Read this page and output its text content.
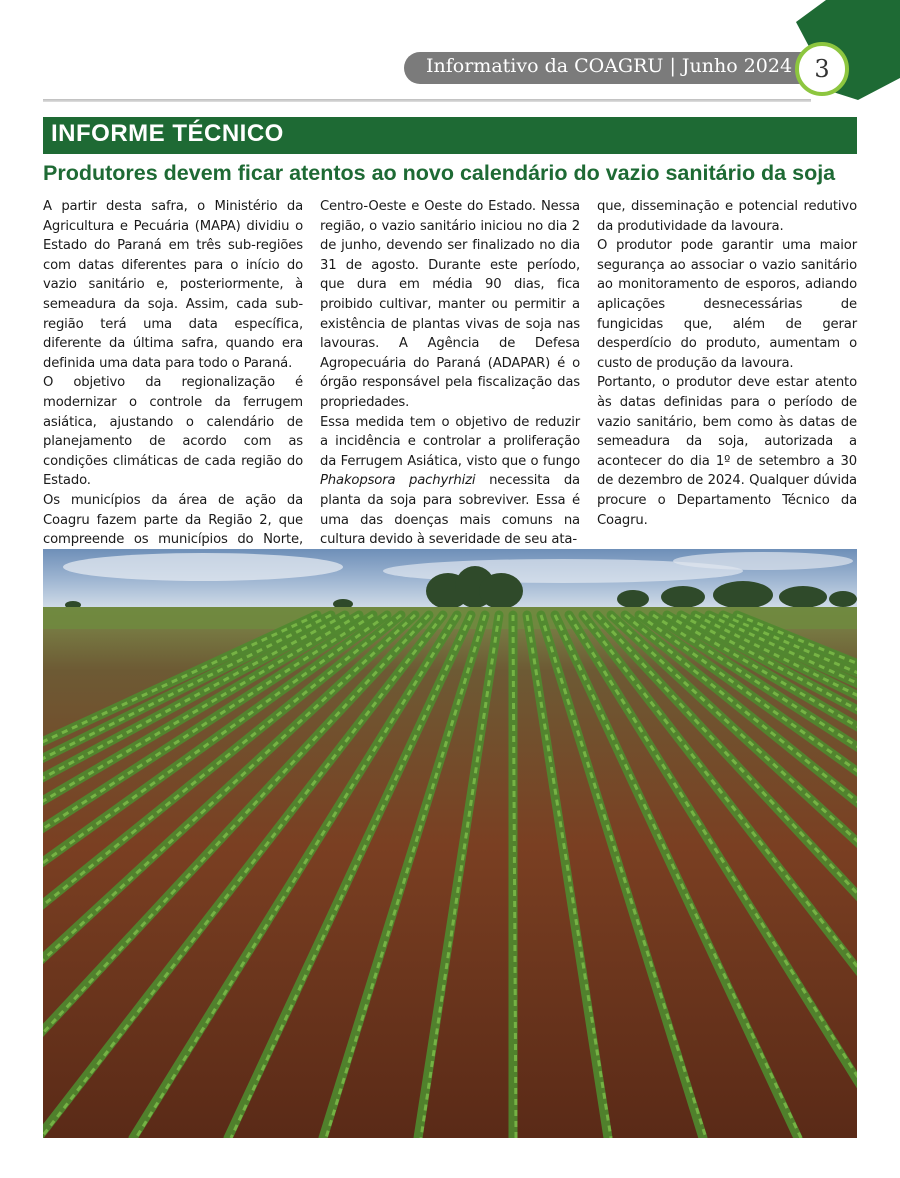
Informativo da COAGRU | Junho 2024 3
INFORME TÉCNICO
Produtores devem ficar atentos ao novo calendário do vazio sanitário da soja

A partir desta safra, o Ministério da Agricultura e Pecuária (MAPA) dividiu o Estado do Paraná em três sub-regiões com datas diferentes para o início do vazio sanitário e, posteriormente, à semeadura da soja. Assim, cada sub-região terá uma data específica, diferente da última safra, quando era definida uma data para todo o Paraná.

O objetivo da regionalização é modernizar o controle da ferrugem asiática, ajustando o calendário de planejamento de acordo com as condições climáticas de cada região do Estado.

Os municípios da área de ação da Coagru fazem parte da Região 2, que compreende os municípios do Norte,

Centro-Oeste e Oeste do Estado. Nessa região, o vazio sanitário iniciou no dia 2 de junho, devendo ser finalizado no dia 31 de agosto. Durante este período, que dura em média 90 dias, fica proibido cultivar, manter ou permitir a existência de plantas vivas de soja nas lavouras. A Agência de Defesa Agropecuária do Paraná (ADAPAR) é o órgão responsável pela fiscalização das propriedades.

Essa medida tem o objetivo de reduzir a incidência e controlar a proliferação da Ferrugem Asiática, visto que o fungo Phakopsora pachyrhizi necessita da planta da soja para sobreviver. Essa é uma das doenças mais comuns na cultura devido à severidade de seu ata-

que, disseminação e potencial redutivo da produtividade da lavoura.

O produtor pode garantir uma maior segurança ao associar o vazio sanitário ao monitoramento de esporos, adiando aplicações desnecessárias de fungicidas que, além de gerar desperdício do produto, aumentam o custo de produção da lavoura.

Portanto, o produtor deve estar atento às datas definidas para o período de vazio sanitário, bem como às datas de semeadura da soja, autorizada a acontecer do dia 1º de setembro a 30 de dezembro de 2024. Qualquer dúvida procure o Departamento Técnico da Coagru.
